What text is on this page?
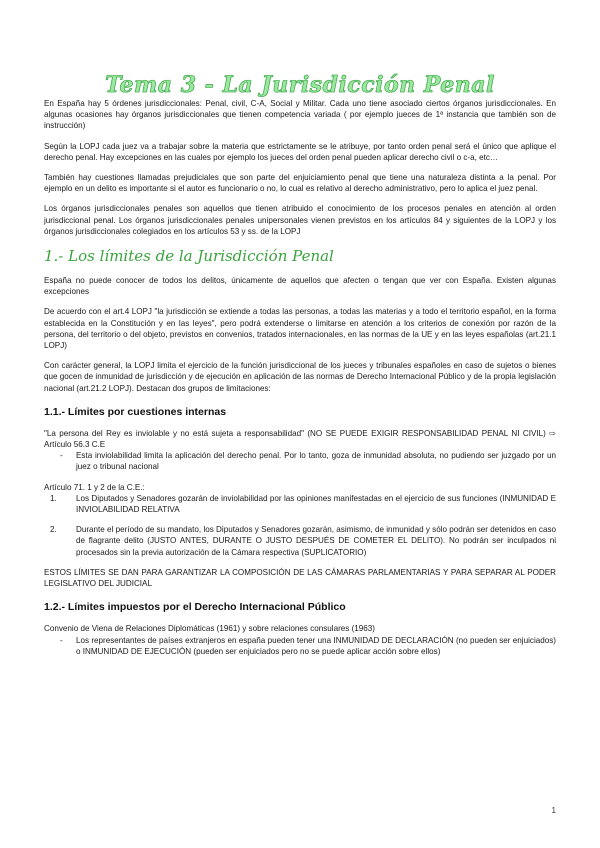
Tema 3 - La Jurisdicción Penal

En España hay 5 órdenes jurisdiccionales: Penal, civil, C-A, Social y Militar. Cada uno tiene asociado ciertos órganos jurisdiccionales. En algunas ocasiones hay órganos jurisdiccionales que tienen competencia variada ( por ejemplo jueces de 1ª instancia que también son de instrucción)

Según la LOPJ cada juez va a trabajar sobre la materia que estrictamente se le atribuye, por tanto orden penal será el único que aplique el derecho penal. Hay excepciones en las cuales por ejemplo los jueces del orden penal pueden aplicar derecho civil o c-a, etc…

También hay cuestiones llamadas prejudiciales que son parte del enjuiciamiento penal que tiene una naturaleza distinta a la penal. Por ejemplo en un delito es importante si el autor es funcionario o no, lo cual es relativo al derecho administrativo, pero lo aplica el juez penal.

Los órganos jurisdiccionales penales son aquellos que tienen atribuido el conocimiento de los procesos penales en atención al orden jurisdiccional penal. Los órganos jurisdiccionales penales unipersonales vienen previstos en los artículos 84 y siguientes de la LOPJ y los órganos jurisdiccionales colegiados en los artículos 53 y ss. de la LOPJ

1.- Los límites de la Jurisdicción Penal

España no puede conocer de todos los delitos, únicamente de aquellos que afecten o tengan que ver con España. Existen algunas excepciones

De acuerdo con el art.4 LOPJ "la jurisdicción se extiende a todas las personas, a todas las materias y a todo el territorio español, en la forma establecida en la Constitución y en las leyes", pero podrá extenderse o limitarse en atención a los criterios de conexión por razón de la persona, del territorio o del objeto, previstos en convenios, tratados internacionales, en las normas de la UE y en las leyes españolas (art.21.1 LOPJ)

Con carácter general, la LOPJ limita el ejercicio de la función jurisdiccional de los jueces y tribunales españoles en caso de sujetos o bienes que gocen de inmunidad de jurisdicción y de ejecución en aplicación de las normas de Derecho Internacional Público y de la propia legislación nacional (art.21.2 LOPJ). Destacan dos grupos de limitaciones:

1.1.- Límites por cuestiones internas

"La persona del Rey es inviolable y no está sujeta a responsabilidad" (NO SE PUEDE EXIGIR RESPONSABILIDAD PENAL NI CIVIL) ⇨ Artículo 56.3 C.E

-	Esta inviolabilidad limita la aplicación del derecho penal. Por lo tanto, goza de inmunidad absoluta, no pudiendo ser juzgado por un juez o tribunal nacional

Artículo 71. 1 y 2 de la C.E.:

1.	Los Diputados y Senadores gozarán de inviolabilidad por las opiniones manifestadas en el ejercicio de sus funciones (INMUNIDAD E INVIOLABILIDAD RELATIVA

2.	Durante el período de su mandato, los Diputados y Senadores gozarán, asimismo, de inmunidad y sólo podrán ser detenidos en caso de flagrante delito (JUSTO ANTES, DURANTE O JUSTO DESPUÉS DE COMETER EL DELITO). No podrán ser inculpados ni procesados sin la previa autorización de la Cámara respectiva (SUPLICATORIO)

ESTOS LÍMITES SE DAN PARA GARANTIZAR LA COMPOSICIÓN DE LAS CÁMARAS PARLAMENTARIAS Y PARA SEPARAR AL PODER LEGISLATIVO DEL JUDICIAL

1.2.- Límites impuestos por el Derecho Internacional Público

Convenio de Viena de Relaciones Diplomáticas (1961) y sobre relaciones consulares (1963)

-	Los representantes de países extranjeros en españa pueden tener una INMUNIDAD DE DECLARACIÓN (no pueden ser enjuiciados) o INMUNIDAD DE EJECUCIÓN (pueden ser enjuiciados pero no se puede aplicar acción sobre ellos)

1
